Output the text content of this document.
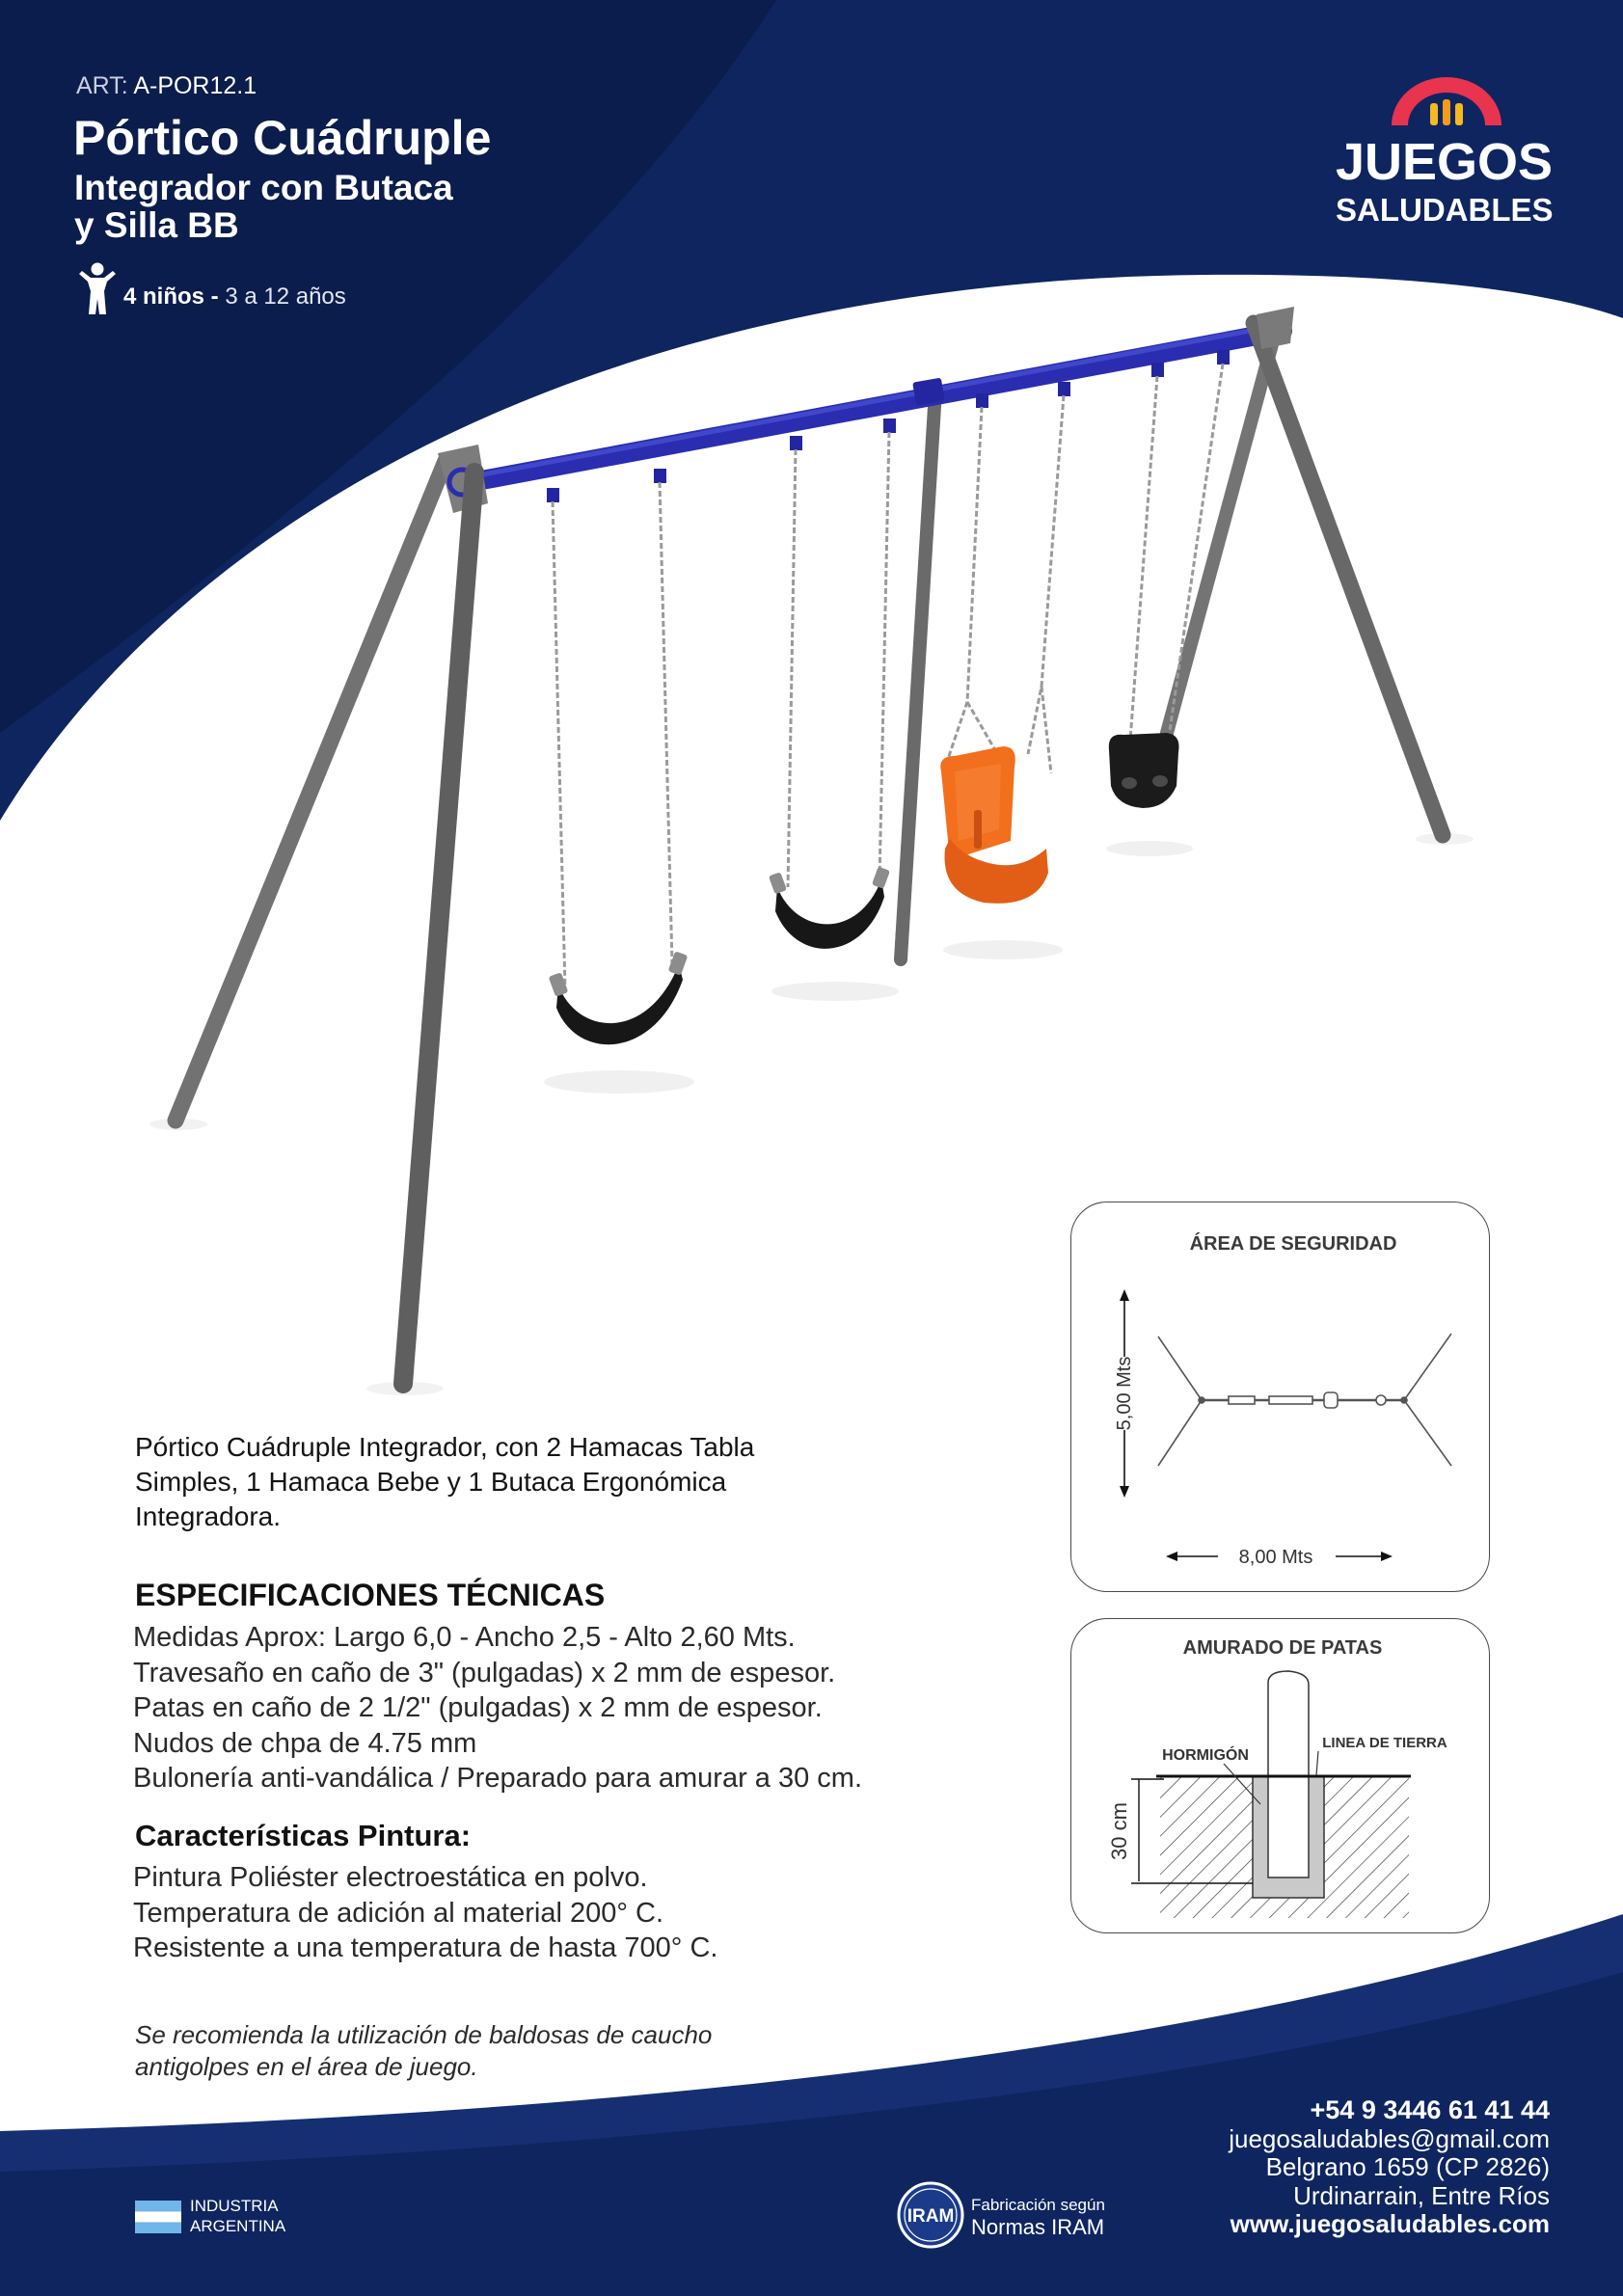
ART: A-POR12.1
Pórtico Cuádruple
Integrador con Butaca
y Silla BB
4 niños - 3 a 12 años
JUEGOS
SALUDABLES
ÁREA DE SEGURIDAD
5,00 Mts
8,00 Mts
AMURADO DE PATAS
HORMIGÓN
LINEA DE TIERRA
30 cm
Pórtico Cuádruple Integrador, con 2 Hamacas Tabla
Simples, 1 Hamaca Bebe y 1 Butaca Ergonómica
Integradora.
ESPECIFICACIONES TÉCNICAS
Medidas Aprox: Largo 6,0 - Ancho 2,5 - Alto 2,60 Mts.
Travesaño en caño de 3" (pulgadas) x 2 mm de espesor.
Patas en caño de 2 1/2" (pulgadas) x 2 mm de espesor.
Nudos de chpa de 4.75 mm
Bulonería anti-vandálica / Preparado para amurar a 30 cm.
Características Pintura:
Pintura Poliéster electroestática en polvo.
Temperatura de adición al material 200° C.
Resistente a una temperatura de hasta 700° C.
Se recomienda la utilización de baldosas de caucho
antigolpes en el área de juego.
INDUSTRIA
ARGENTINA	IRAM
Fabricación según
Normas IRAM
+54 9 3446 61 41 44
juegosaludables@gmail.com
Belgrano 1659 (CP 2826)
Urdinarrain, Entre Ríos
www.juegosaludables.com
